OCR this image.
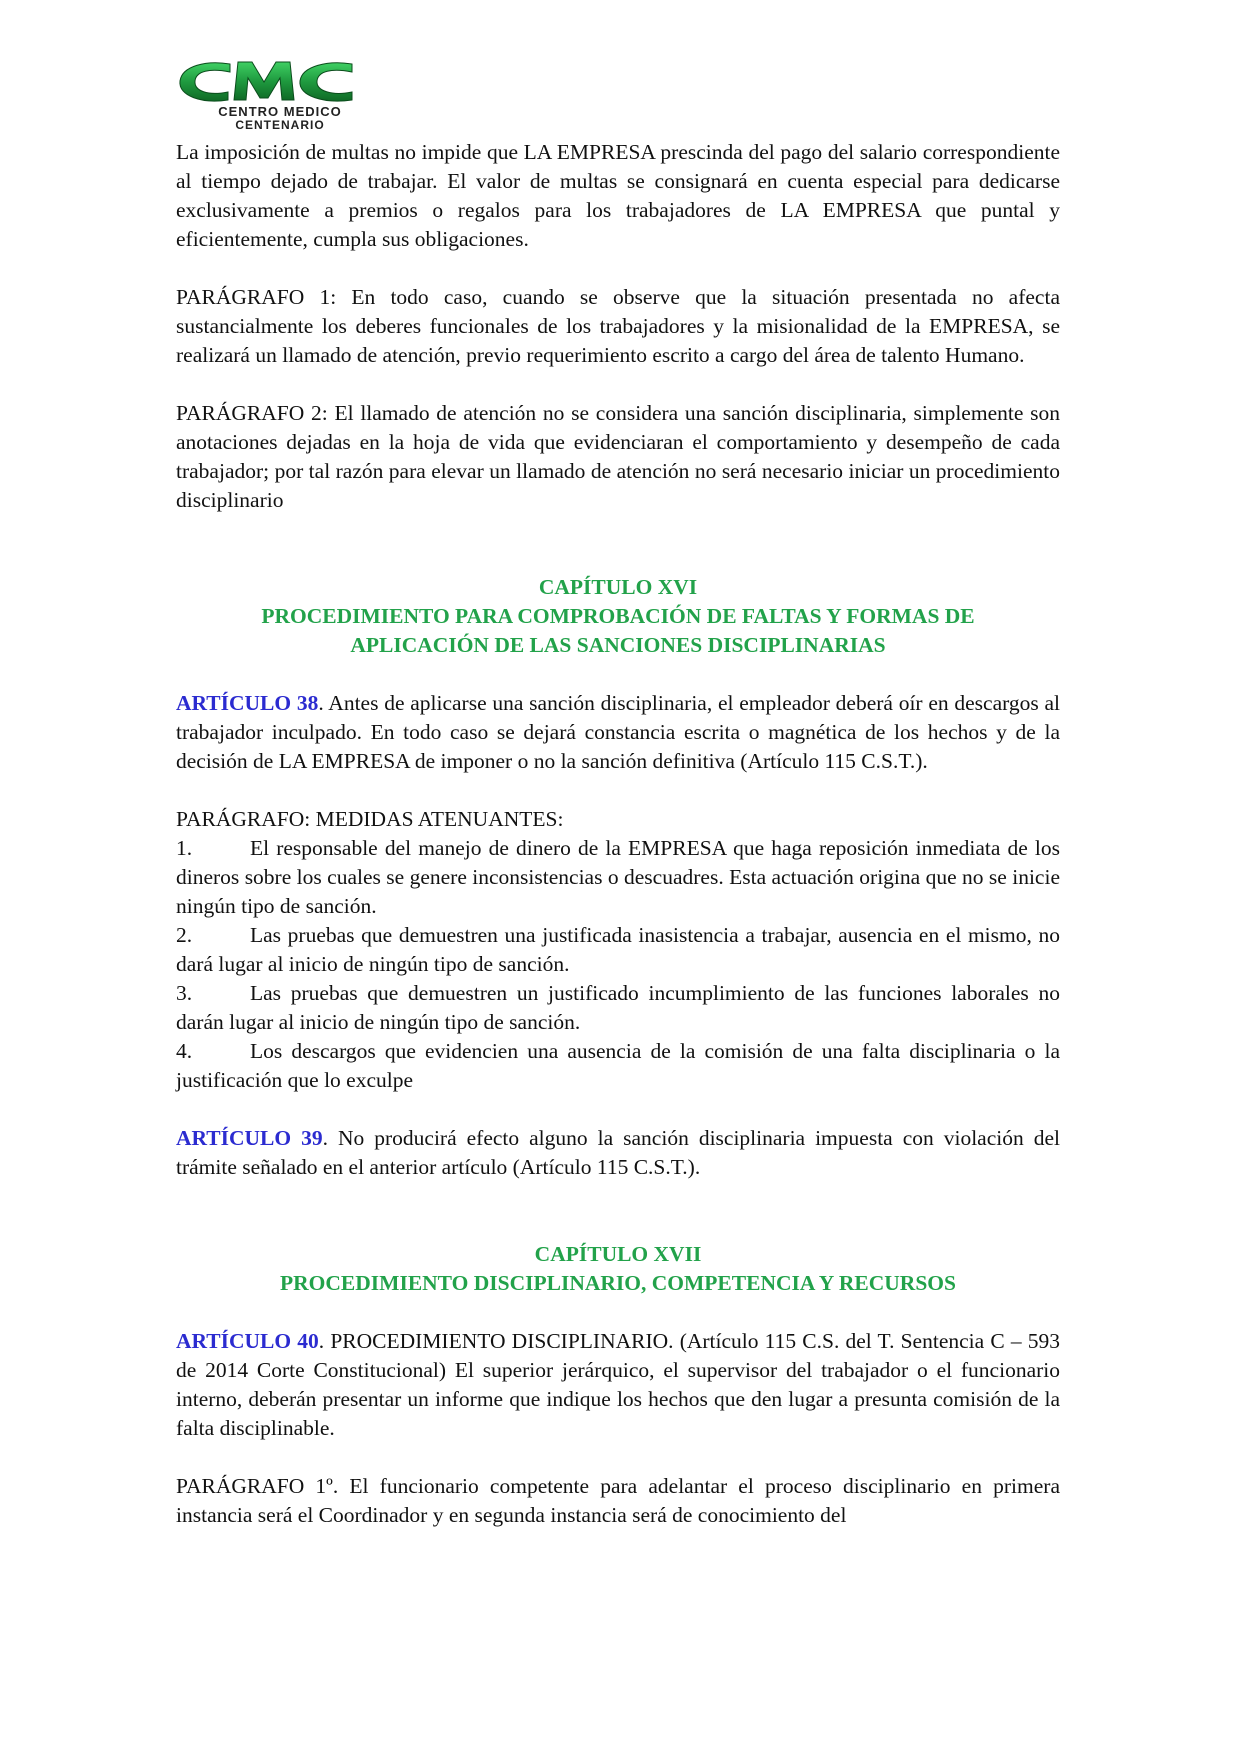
CENTRO MEDICO
CENTENARIO

La imposición de multas no impide que LA EMPRESA prescinda del pago del salario correspondiente al tiempo dejado de trabajar. El valor de multas se consignará en cuenta especial para dedicarse exclusivamente a premios o regalos para los trabajadores de LA EMPRESA que puntal y eficientemente, cumpla sus obligaciones.

PARÁGRAFO 1: En todo caso, cuando se observe que la situación presentada no afecta sustancialmente los deberes funcionales de los trabajadores y la misionalidad de la EMPRESA, se realizará un llamado de atención, previo requerimiento escrito a cargo del área de talento Humano.

PARÁGRAFO 2: El llamado de atención no se considera una sanción disciplinaria, simplemente son anotaciones dejadas en la hoja de vida que evidenciaran el comportamiento y desempeño de cada trabajador; por tal razón para elevar un llamado de atención no será necesario iniciar un procedimiento disciplinario

CAPÍTULO XVI

PROCEDIMIENTO PARA COMPROBACIÓN DE FALTAS Y FORMAS DE

APLICACIÓN DE LAS SANCIONES DISCIPLINARIAS

ARTÍCULO 38. Antes de aplicarse una sanción disciplinaria, el empleador deberá oír en descargos al trabajador inculpado. En todo caso se dejará constancia escrita o magnética de los hechos y de la decisión de LA EMPRESA de imponer o no la sanción definitiva (Artículo 115 C.S.T.).

PARÁGRAFO: MEDIDAS ATENUANTES:

1.	El responsable del manejo de dinero de la EMPRESA que haga reposición inmediata de los dineros sobre los cuales se genere inconsistencias o descuadres. Esta actuación origina que no se inicie ningún tipo de sanción.
2.	Las pruebas que demuestren una justificada inasistencia a trabajar, ausencia en el mismo, no dará lugar al inicio de ningún tipo de sanción.
3.	Las pruebas que demuestren un justificado incumplimiento de las funciones laborales no darán lugar al inicio de ningún tipo de sanción.
4.	Los descargos que evidencien una ausencia de la comisión de una falta disciplinaria o la justificación que lo exculpe

ARTÍCULO 39. No producirá efecto alguno la sanción disciplinaria impuesta con violación del trámite señalado en el anterior artículo (Artículo 115 C.S.T.).

CAPÍTULO XVII

PROCEDIMIENTO DISCIPLINARIO, COMPETENCIA Y RECURSOS

ARTÍCULO 40. PROCEDIMIENTO DISCIPLINARIO. (Artículo 115 C.S. del T. Sentencia C – 593 de 2014 Corte Constitucional) El superior jerárquico, el supervisor del trabajador o el funcionario interno, deberán presentar un informe que indique los hechos que den lugar a presunta comisión de la falta disciplinable.

PARÁGRAFO 1º. El funcionario competente para adelantar el proceso disciplinario en primera instancia será el Coordinador y en segunda instancia será de conocimiento del
